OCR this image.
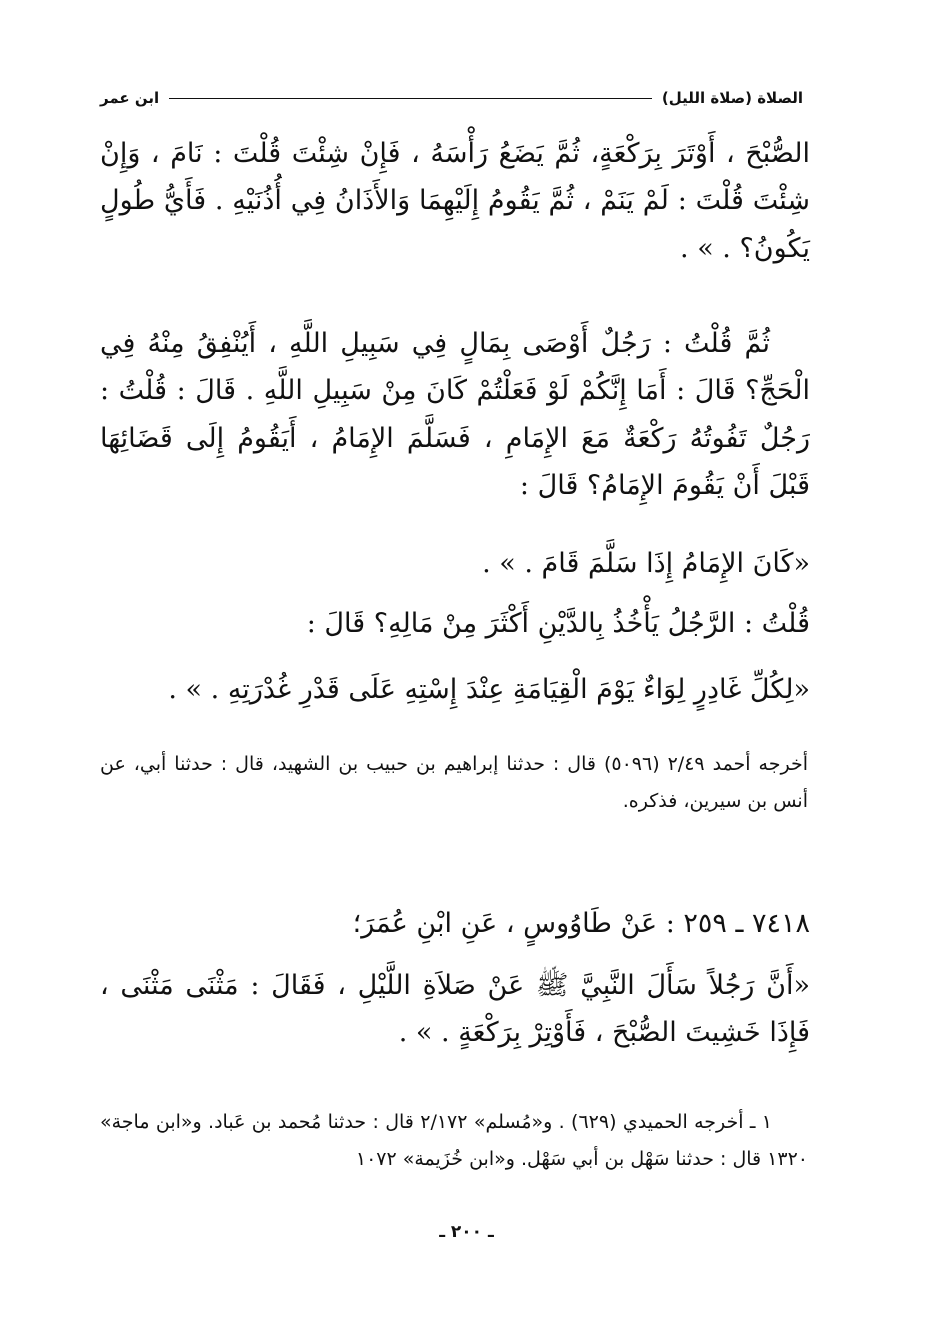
الصلاة (صلاة الليل)
ابن عمر
الصُّبْحَ ، أَوْتَرَ بِرَكْعَةٍ، ثُمَّ يَضَعُ رَأْسَهُ ، فَإِنْ شِئْتَ قُلْتَ : نَامَ ، وَإِنْ شِئْتَ قُلْتَ : لَمْ يَنَمْ ، ثُمَّ يَقُومُ إِلَيْهِمَا وَالأَذَانُ فِي أُذُنَيْهِ . فَأَيُّ طُولٍ يَكُونُ؟ . » .
ثُمَّ قُلْتُ : رَجُلٌ أَوْصَى بِمَالٍ فِي سَبِيلِ اللَّهِ ، أَيُنْفِقُ مِنْهُ فِي الْحَجِّ؟ قَالَ : أَمَا إِنَّكُمْ لَوْ فَعَلْتُمْ كَانَ مِنْ سَبِيلِ اللَّهِ . قَالَ : قُلْتُ : رَجُلٌ تَفُوتُهُ رَكْعَةٌ مَعَ الإِمَامِ ، فَسَلَّمَ الإِمَامُ ، أَيَقُومُ إِلَى قَضَائِهَا قَبْلَ أَنْ يَقُومَ الإِمَامُ؟ قَالَ :
«كَانَ الإِمَامُ إِذَا سَلَّمَ قَامَ . » .
قُلْتُ : الرَّجُلُ يَأْخُذُ بِالدَّيْنِ أَكْثَرَ مِنْ مَالِهِ؟ قَالَ :
«لِكُلِّ غَادِرٍ لِوَاءٌ يَوْمَ الْقِيَامَةِ عِنْدَ إِسْتِهِ عَلَى قَدْرِ غُدْرَتِهِ . » .
أخرجه أحمد ٢/٤٩ (٥٠٩٦) قال : حدثنا إبراهيم بن حبيب بن الشهيد، قال : حدثنا أبي، عن أنس بن سيرين، فذكره.
٧٤١٨ ـ ٢٥٩ : عَنْ طَاوُوسٍ ، عَنِ ابْنِ عُمَرَ؛
«أَنَّ رَجُلاً سَأَلَ النَّبِيَّ ﷺ عَنْ صَلاَةِ اللَّيْلِ ، فَقَالَ : مَثْنَى مَثْنَى ، فَإِذَا خَشِيتَ الصُّبْحَ ، فَأَوْتِرْ بِرَكْعَةٍ . » .
١ ـ أخرجه الحميدي (٦٢٩) . و«مُسلم» ٢/١٧٢ قال : حدثنا مُحمد بن عَباد. و«ابن ماجة» ١٣٢٠ قال : حدثنا سَهْل بن أبي سَهْل. و«ابن خُزَيمة» ١٠٧٢
ـ ٢٠٠ ـ
